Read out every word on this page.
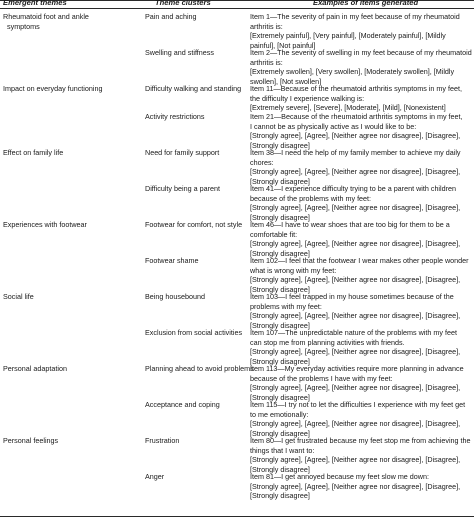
Emergent themes	Theme clusters	Examples of items generated
Rheumatoid foot and ankle
symptoms
Pain and aching	Item 1—The severity of pain in my feet because of my rheumatoid
arthritis is:
[Extremely painful], [Very painful], [Moderately painful], [Mildly
painful], [Not painful]
Swelling and stiffness	Item 2—The severity of swelling in my feet because of my rheumatoid
arthritis is:
[Extremely swollen], [Very swollen], [Moderately swollen], [Mildly
swollen], [Not swollen]
Impact on everyday functioning	Difficulty walking and standing Item 11—Because of the rheumatoid arthritis symptoms in my feet,
the difficulty I experience walking is:
[Extremely severe], [Severe], [Moderate], [Mild], [Nonexistent]
Activity restrictions	Item 21—Because of the rheumatoid arthritis symptoms in my feet,
I cannot be as physically active as I would like to be:
[Strongly agree], [Agree], [Neither agree nor disagree], [Disagree],
[Strongly disagree]
Effect on family life	Need for family support	Item 38—I need the help of my family member to achieve my daily
chores:
[Strongly agree], [Agree], [Neither agree nor disagree], [Disagree],
[Strongly disagree]
Difficulty being a parent	Item 41—I experience difficulty trying to be a parent with children
because of the problems with my feet:
[Strongly agree], [Agree], [Neither agree nor disagree], [Disagree],
[Strongly disagree]
Experiences with footwear	Footwear for comfort, not style Item 46—I have to wear shoes that are too big for them to be a
comfortable fit:
[Strongly agree], [Agree], [Neither agree nor disagree], [Disagree],
[Strongly disagree]
Footwear shame	Item 102—I feel that the footwear I wear makes other people wonder
what is wrong with my feet:
[Strongly agree], [Agree], [Neither agree nor disagree], [Disagree],
[Strongly disagree]
Social life	Being housebound	Item 103—I feel trapped in my house sometimes because of the
problems with my feet:
[Strongly agree], [Agree], [Neither agree nor disagree], [Disagree],
[Strongly disagree]
Exclusion from social activities Item 107—The unpredictable nature of the problems with my feet
can stop me from planning activities with friends.
[Strongly agree], [Agree], [Neither agree nor disagree], [Disagree],
[Strongly disagree]
Personal adaptation	Planning ahead to avoid problems
Item 113—My everyday activities require more planning in advance
because of the problems I have with my feet:
[Strongly agree], [Agree], [Neither agree nor disagree], [Disagree],
[Strongly disagree]
Acceptance and coping	Item 115—I try not to let the difficulties I experience with my feet get
to me emotionally:
[Strongly agree], [Agree], [Neither agree nor disagree], [Disagree],
[Strongly disagree]
Personal feelings	Frustration	Item 80—I get frustrated because my feet stop me from achieving the
things that I want to:
[Strongly agree], [Agree], [Neither agree nor disagree], [Disagree],
[Strongly disagree]
Anger	Item 81—I get annoyed because my feet slow me down:
[Strongly agree], [Agree], [Neither agree nor disagree], [Disagree],
[Strongly disagree]
